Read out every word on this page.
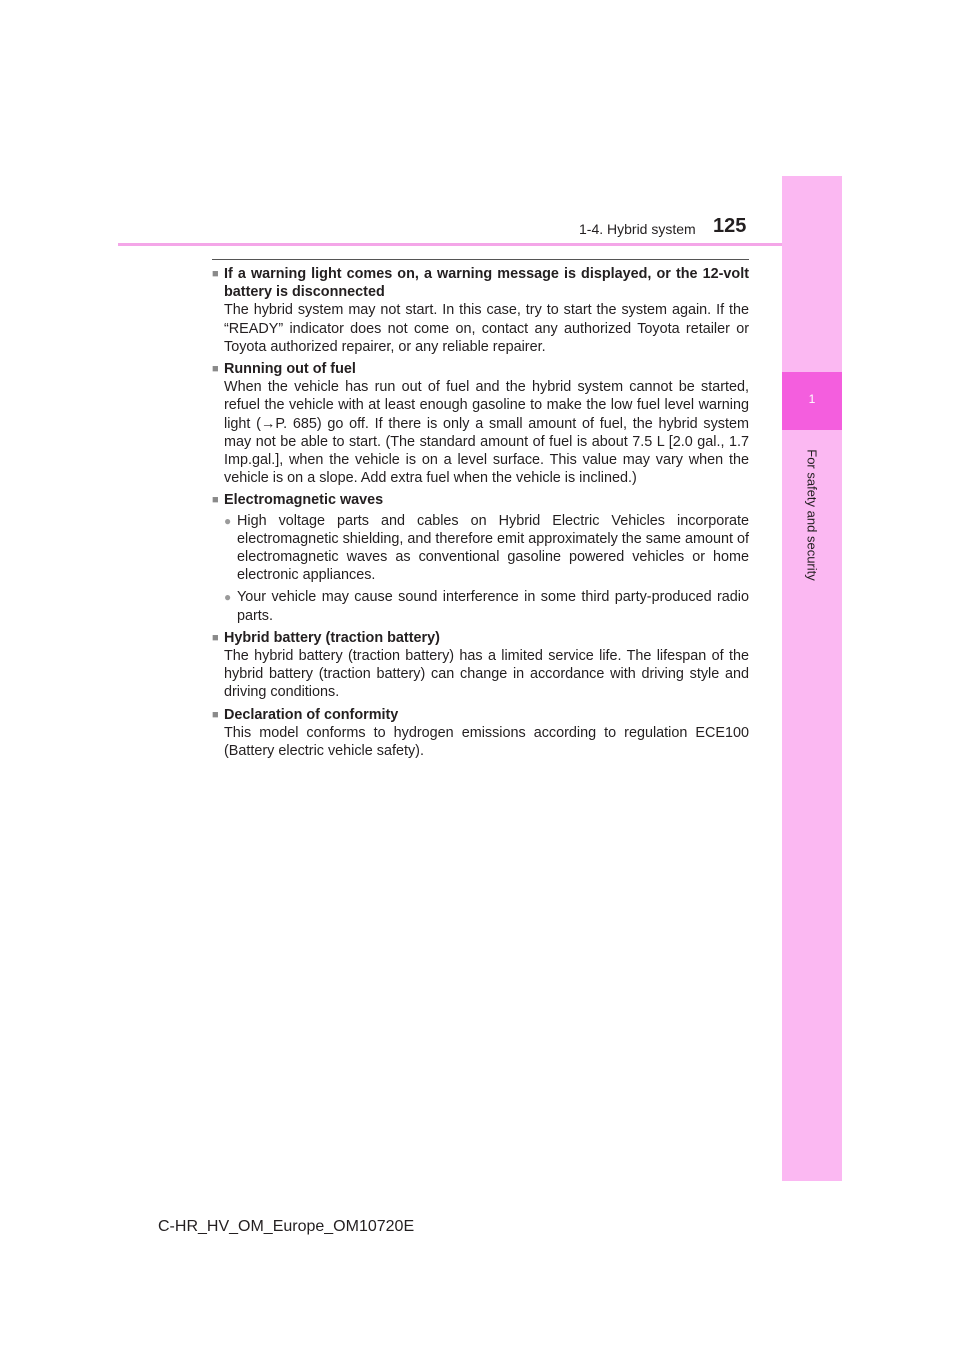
1-4. Hybrid system 125
1
For safety and security
■ If a warning light comes on, a warning message is displayed, or the 12-volt battery is disconnected
The hybrid system may not start. In this case, try to start the system again. If the “READY” indicator does not come on, contact any authorized Toyota retailer or Toyota authorized repairer, or any reliable repairer.
■ Running out of fuel
When the vehicle has run out of fuel and the hybrid system cannot be started, refuel the vehicle with at least enough gasoline to make the low fuel level warning light (→P. 685) go off. If there is only a small amount of fuel, the hybrid system may not be able to start. (The standard amount of fuel is about 7.5 L [2.0 gal., 1.7 Imp.gal.], when the vehicle is on a level surface. This value may vary when the vehicle is on a slope. Add extra fuel when the vehicle is inclined.)
■ Electromagnetic waves
● High voltage parts and cables on Hybrid Electric Vehicles incorporate electromagnetic shielding, and therefore emit approximately the same amount of electromagnetic waves as conventional gasoline powered vehicles or home electronic appliances.
● Your vehicle may cause sound interference in some third party-produced radio parts.
■ Hybrid battery (traction battery)
The hybrid battery (traction battery) has a limited service life. The lifespan of the hybrid battery (traction battery) can change in accordance with driving style and driving conditions.
■ Declaration of conformity
This model conforms to hydrogen emissions according to regulation ECE100 (Battery electric vehicle safety).
C-HR_HV_OM_Europe_OM10720E
